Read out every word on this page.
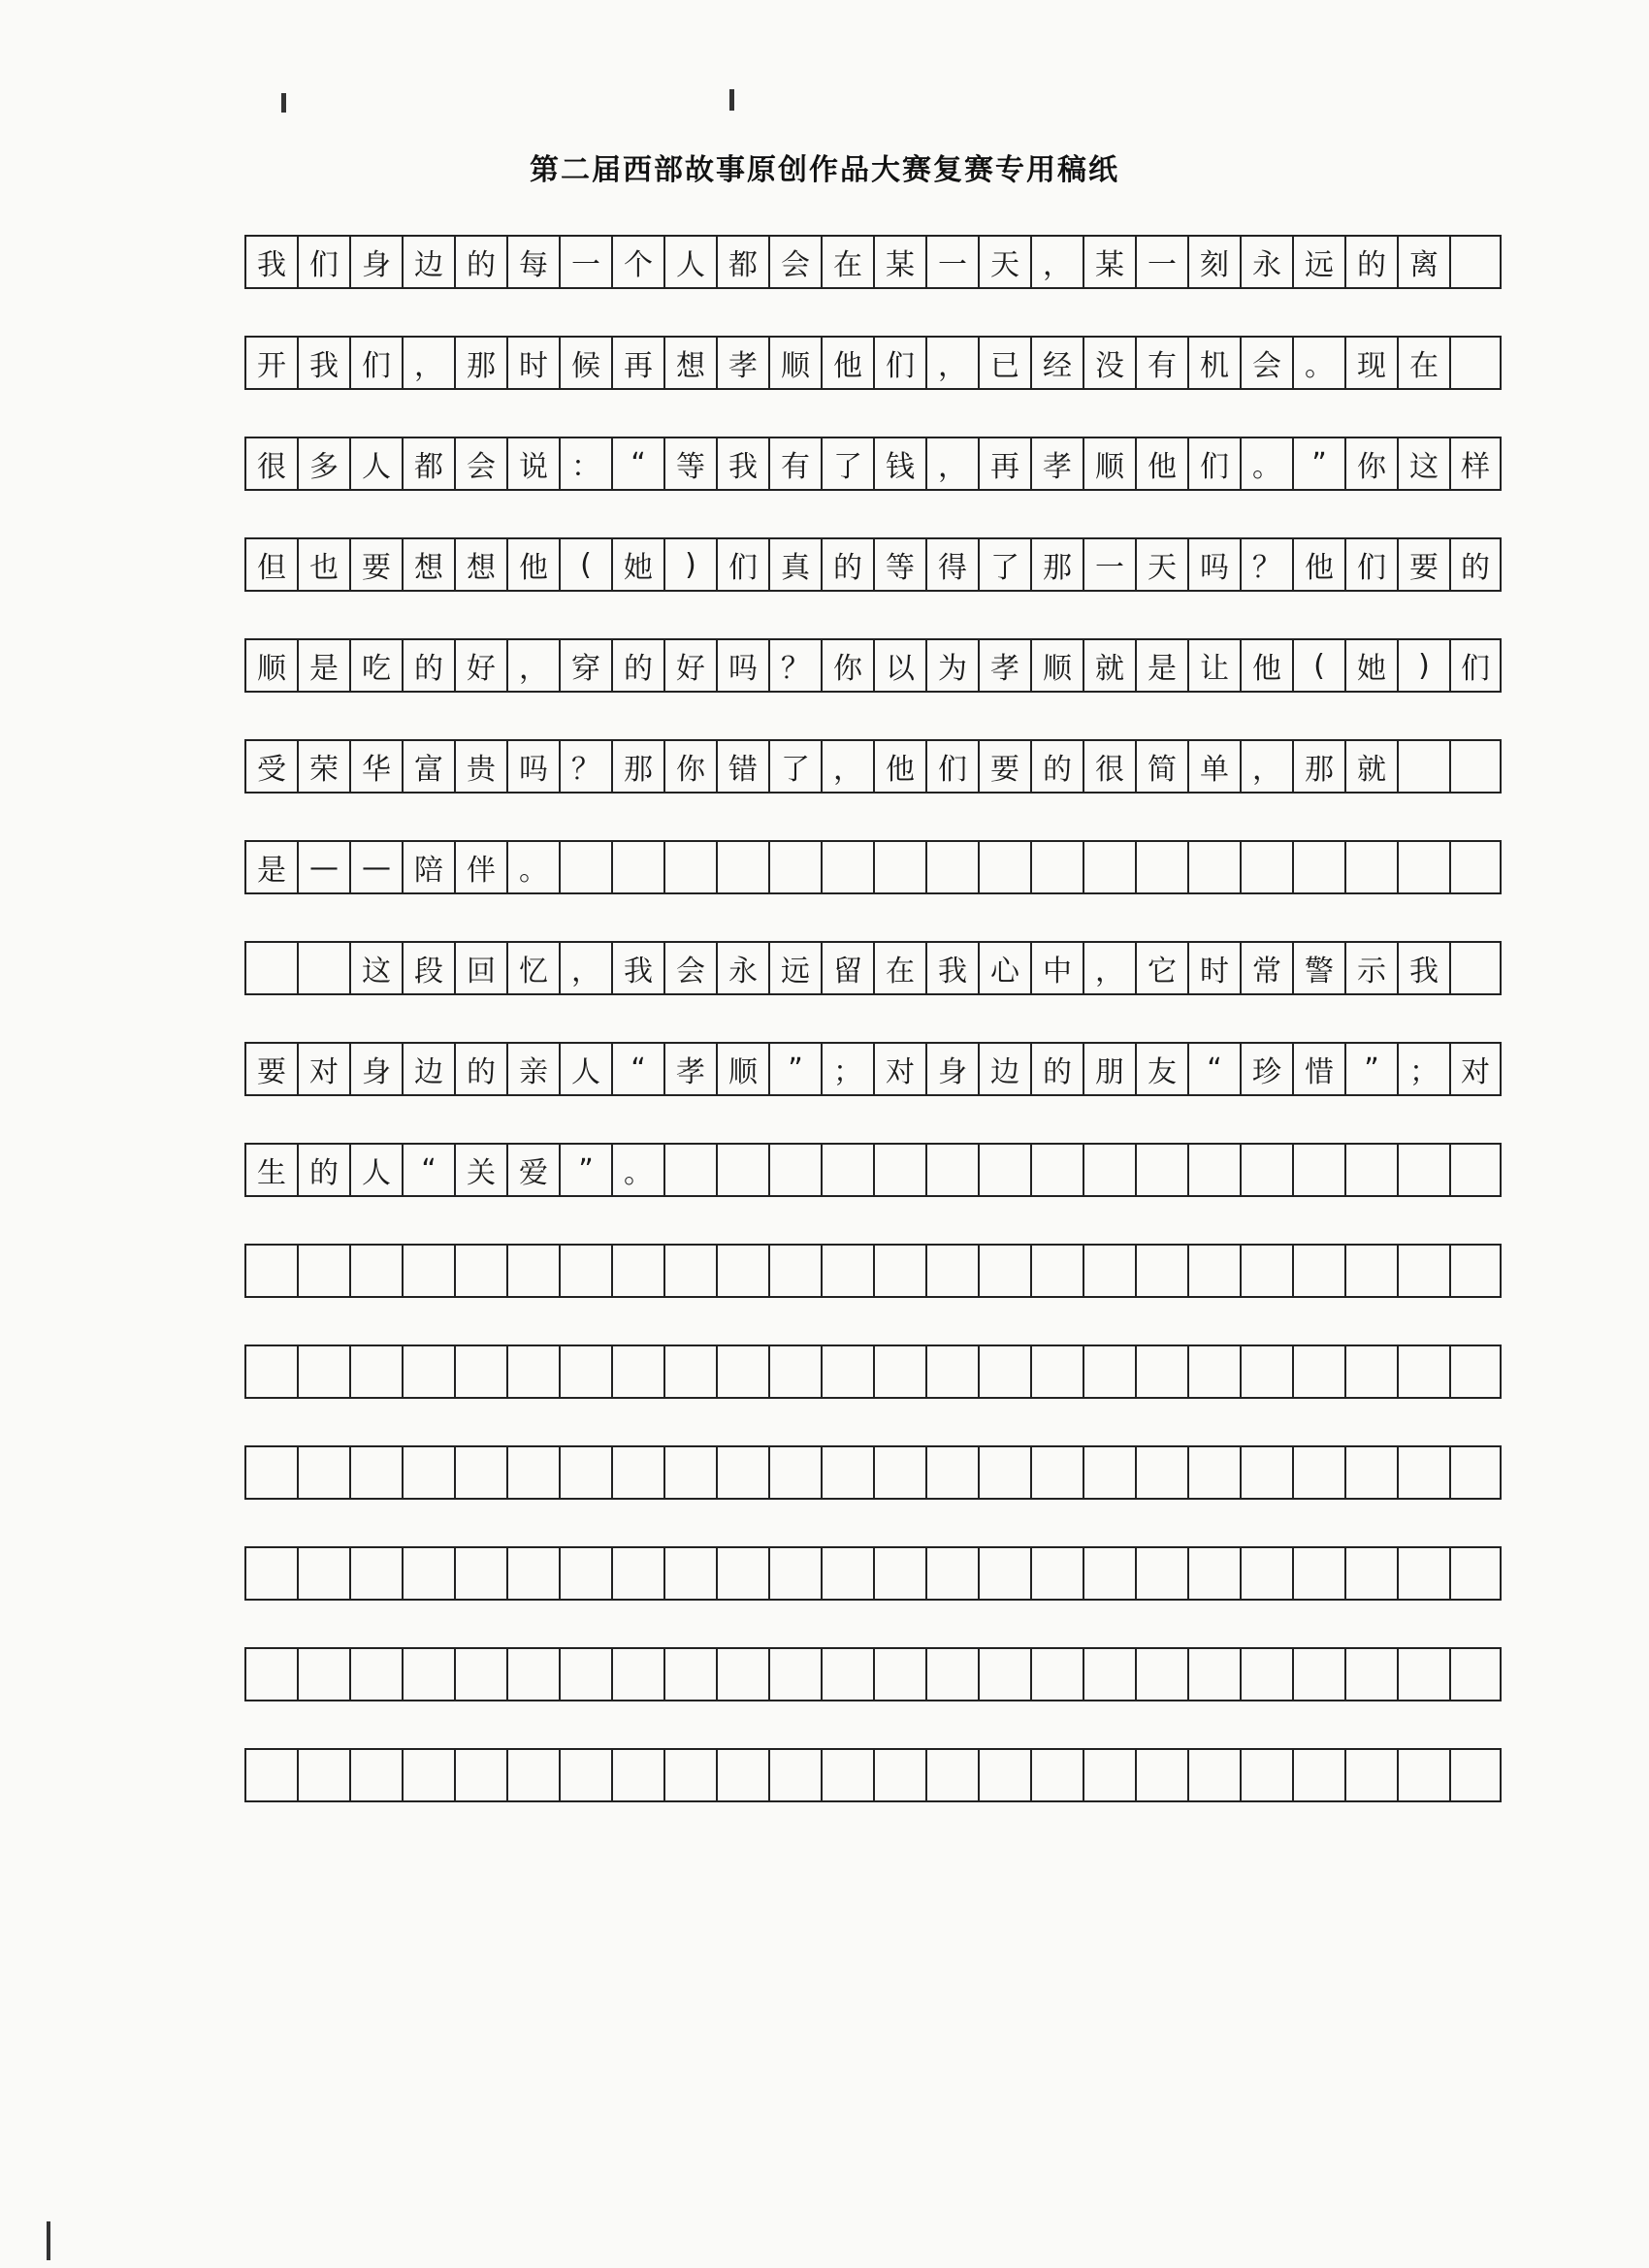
第二届西部故事原创作品大赛复赛专用稿纸
我 们 身 边 的 每 一 个 人 都 会 在 某 一 天 ， 某 一 刻 永 远 的 离
开 我 们 ， 那 时 候 再 想 孝 顺 他 们 ， 已 经 没 有 机 会 。 现 在
很 多 人 都 会 说 ：	“	等 我 有 了 钱 ， 再 孝 顺 他 们 。	”	你 这 样
但 也 要 想 想 他	(	她	)	们 真 的 等 得 了 那 一 天 吗 ？ 他 们 要 的
顺 是 吃 的 好 ， 穿 的 好 吗 ？ 你 以 为 孝 顺 就 是 让 他	(	她	)	们
受 荣 华 富 贵 吗 ？ 那 你 错 了 ， 他 们 要 的 很 简 单 ， 那 就
是 — — 陪 伴 。

这 段 回 忆 ， 我 会 永 远 留 在 我 心 中 ， 它 时 常 警 示 我
要 对 身 边 的 亲 人	“	孝 顺	”	； 对 身 边 的 朋 友	“	珍 惜	”	； 对
生 的 人	“	关 爱	”	。
